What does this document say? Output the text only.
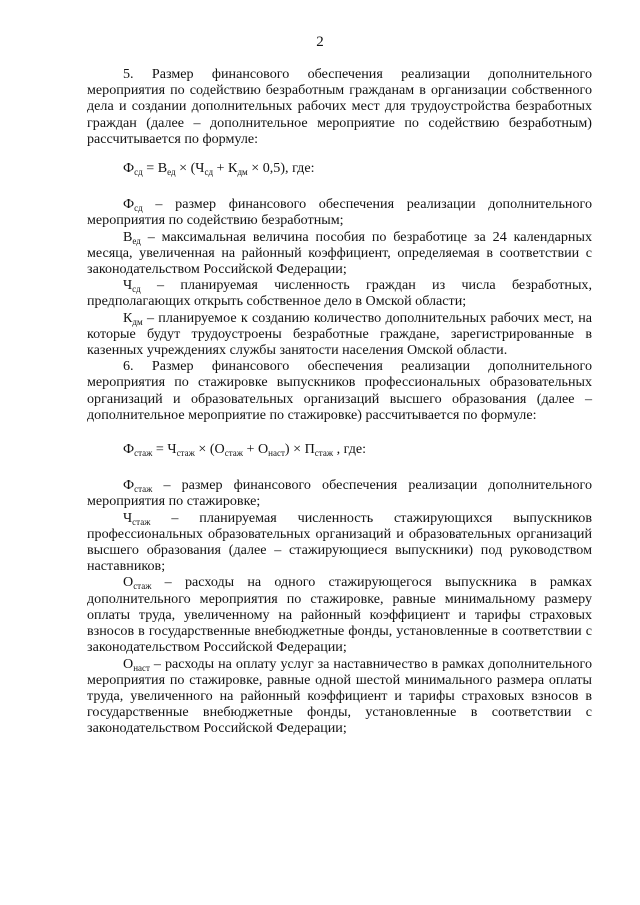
2

5. Размер финансового обеспечения реализации дополнительного мероприятия по содействию безработным гражданам в организации собственного дела и создании дополнительных рабочих мест для трудоустройства безработных граждан (далее – дополнительное мероприятие по содействию безработным) рассчитывается по формуле:

$Ф_{сд} = В_{ед} \times (Ч_{сд} + К_{дм} \times 0,5)$, где:

$Ф_{сд}$ – размер финансового обеспечения реализации дополнительного мероприятия по содействию безработным;

$В_{ед}$ – максимальная величина пособия по безработице за 24 календарных месяца, увеличенная на районный коэффициент, определяемая в соответствии с законодательством Российской Федерации;

$Ч_{сд}$ – планируемая численность граждан из числа безработных, предполагающих открыть собственное дело в Омской области;

$К_{дм}$ – планируемое к созданию количество дополнительных рабочих мест, на которые будут трудоустроены безработные граждане, зарегистрированные в казенных учреждениях службы занятости населения Омской области.

6. Размер финансового обеспечения реализации дополнительного мероприятия по стажировке выпускников профессиональных образовательных организаций и образовательных организаций высшего образования (далее – дополнительное мероприятие по стажировке) рассчитывается по формуле:

$Ф_{стаж} = Ч_{стаж} \times (О_{стаж} + О_{наст}) \times П_{стаж}$ , где:

$Ф_{стаж}$ – размер финансового обеспечения реализации дополнительного мероприятия по стажировке;

$Ч_{стаж}$ – планируемая численность стажирующихся выпускников профессиональных образовательных организаций и образовательных организаций высшего образования (далее – стажирующиеся выпускники) под руководством наставников;

$О_{стаж}$ – расходы на одного стажирующегося выпускника в рамках дополнительного мероприятия по стажировке, равные минимальному размеру оплаты труда, увеличенному на районный коэффициент и тарифы страховых взносов в государственные внебюджетные фонды, установленные в соответствии с законодательством Российской Федерации;

$О_{наст}$ – расходы на оплату услуг за наставничество в рамках дополнительного мероприятия по стажировке, равные одной шестой минимального размера оплаты труда, увеличенного на районный коэффициент и тарифы страховых взносов в государственные внебюджетные фонды, установленные в соответствии с законодательством Российской Федерации;
